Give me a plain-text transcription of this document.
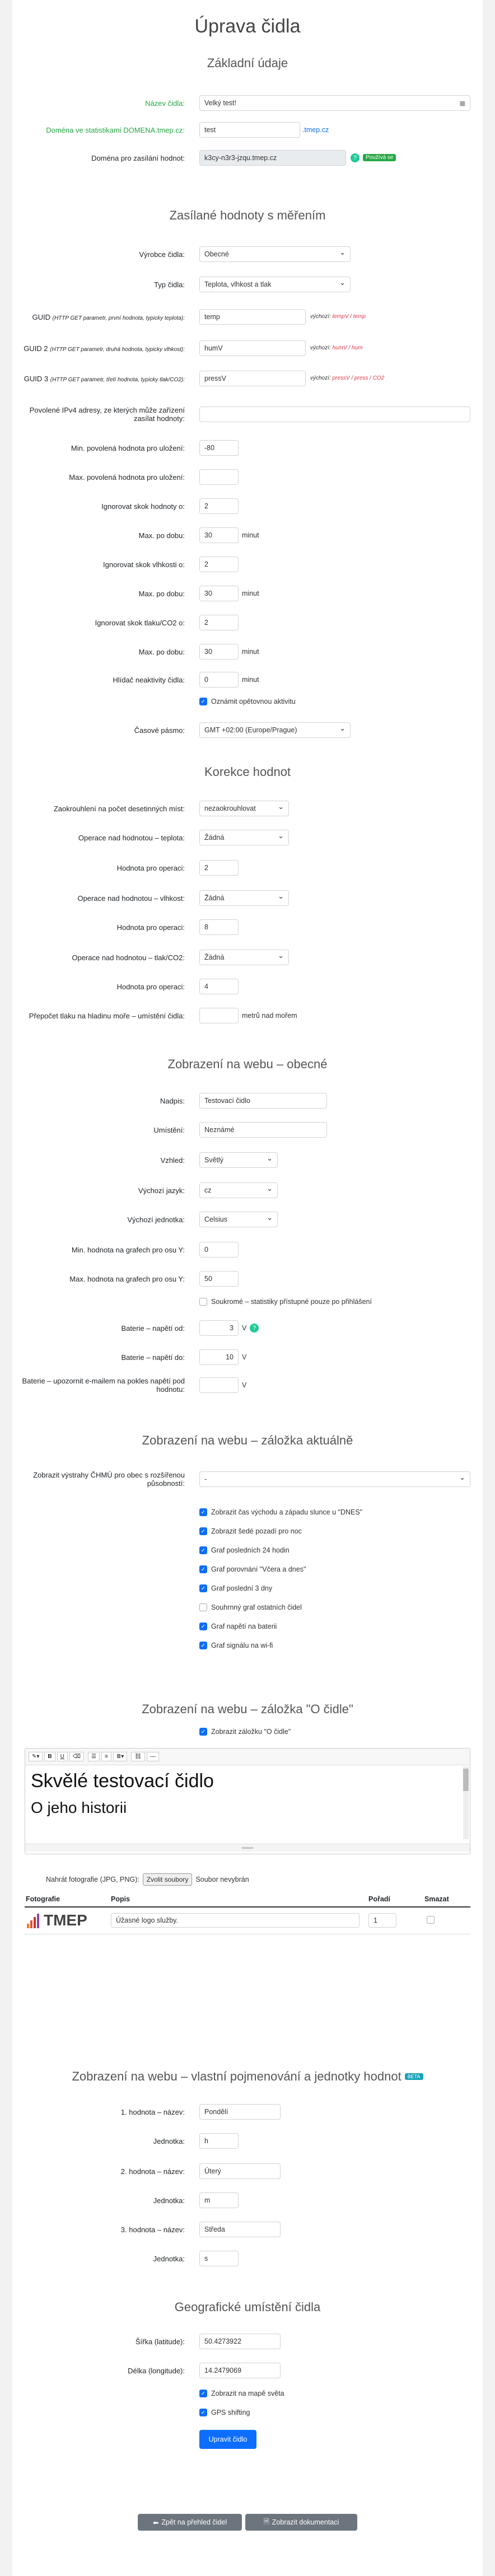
Úprava čidla
Základní údaje
Název čidla:	Velký test!	▦
Doména ve statistikami DOMENA.tmep.cz:	test	.tmep.cz
Doména pro zasílání hodnot:	k3cy-n3r3-jzqu.tmep.cz	?	Používá se
Zasílané hodnoty s měřením
Výrobce čidla:	Obecné
⌄
Typ čidla:	Teplota, vlhkost a tlak
⌄
GUID (HTTP GET parametr, první hodnota, typicky teplota):	temp	výchozí: tempV / temp
GUID 2 (HTTP GET parametr, druhá hodnota, typicky vlhkost):	humV	výchozí: humV / hum
GUID 3 (HTTP GET parametr, třetí hodnota, typicky tlak/CO2):	pressV	výchozí: pressV / press / CO2
Povolené IPv4 adresy, ze kterých může zařízení zasílat hodnoty:
Min. povolená hodnota pro uložení:	-80
Max. povolená hodnota pro uložení:
Ignorovat skok hodnoty o:	2
Max. po dobu:	30	minut
Ignorovat skok vlhkosti o:	2
Max. po dobu:	30	minut
Ignorovat skok tlaku/CO2 o:	2
Max. po dobu:	30	minut
Hlídač neaktivity čidla:	0	minut
✓ Oznámit opětovnou aktivitu
Časové pásmo:	GMT +02:00 (Europe/Prague)
⌄
Korekce hodnot
Zaokrouhlení na počet desetinných míst:	nezaokrouhlovat
⌄
Operace nad hodnotou – teplota:	Žádná
⌄
Hodnota pro operaci:	2
Operace nad hodnotou – vlhkost:	Žádná
⌄
Hodnota pro operaci:	8
Operace nad hodnotou – tlak/CO2:	Žádná
⌄
Hodnota pro operaci:	4
Přepočet tlaku na hladinu moře – umístění čidla:	metrů nad mořem
Zobrazení na webu – obecné
Nadpis:	Testovací čidlo
Umístění:	Neznámé
Vzhled:	Světlý
⌄
Výchozí jazyk:	cz
⌄
Výchozí jednotka:	Celsius
⌄
Min. hodnota na grafech pro osu Y:	0
Max. hodnota na grafech pro osu Y:	50
Soukromé – statistiky přístupné pouze po přihlášení
Baterie – napětí od:	3	V ?
Baterie – napětí do:	10	V
Baterie – upozornit e-mailem na pokles napětí pod hodnotu:	V
Zobrazení na webu – záložka aktuálně
Zobrazit výstrahy ČHMÚ pro obec s rozšířenou působností:	-
⌄
✓ Zobrazit čas východu a západu slunce u "DNES"
✓ Zobrazit šedé pozadí pro noc
✓ Graf posledních 24 hodin
✓ Graf porovnání "Včera a dnes"
✓ Graf poslední 3 dny
Souhrnný graf ostatních čidel
✓ Graf napětí na baterii
✓ Graf signálu na wi-fi
Zobrazení na webu – záložka "O čidle"
✓ Zobrazit záložku "O čidle"
✎▾	B	U	⌫	☰	≡	≣▾	⛓	—
Skvělé testovací čidlo
O jeho historii
Nahrát fotografie (JPG, PNG):	Zvolit soubory	Soubor nevybrán
Fotografie	Popis	Pořadí	Smazat

TMEP	Úžasné logo služby.	1	

Zobrazení na webu – vlastní pojmenování a jednotky hodnot	BETA
1. hodnota – název:	Pondělí
Jednotka:	h
2. hodnota – název:	Úterý
Jednotka:	m
3. hodnota – název:	Středa
Jednotka:	s
Geografické umístění čidla
Šířka (latitude):	50.4273922
Délka (longitude):	14.2479069
✓ Zobrazit na mapě světa
✓ GPS shifting
Upravit čidlo
⬅ Zpět na přehled čidel	🗎 Zobrazit dokumentaci
